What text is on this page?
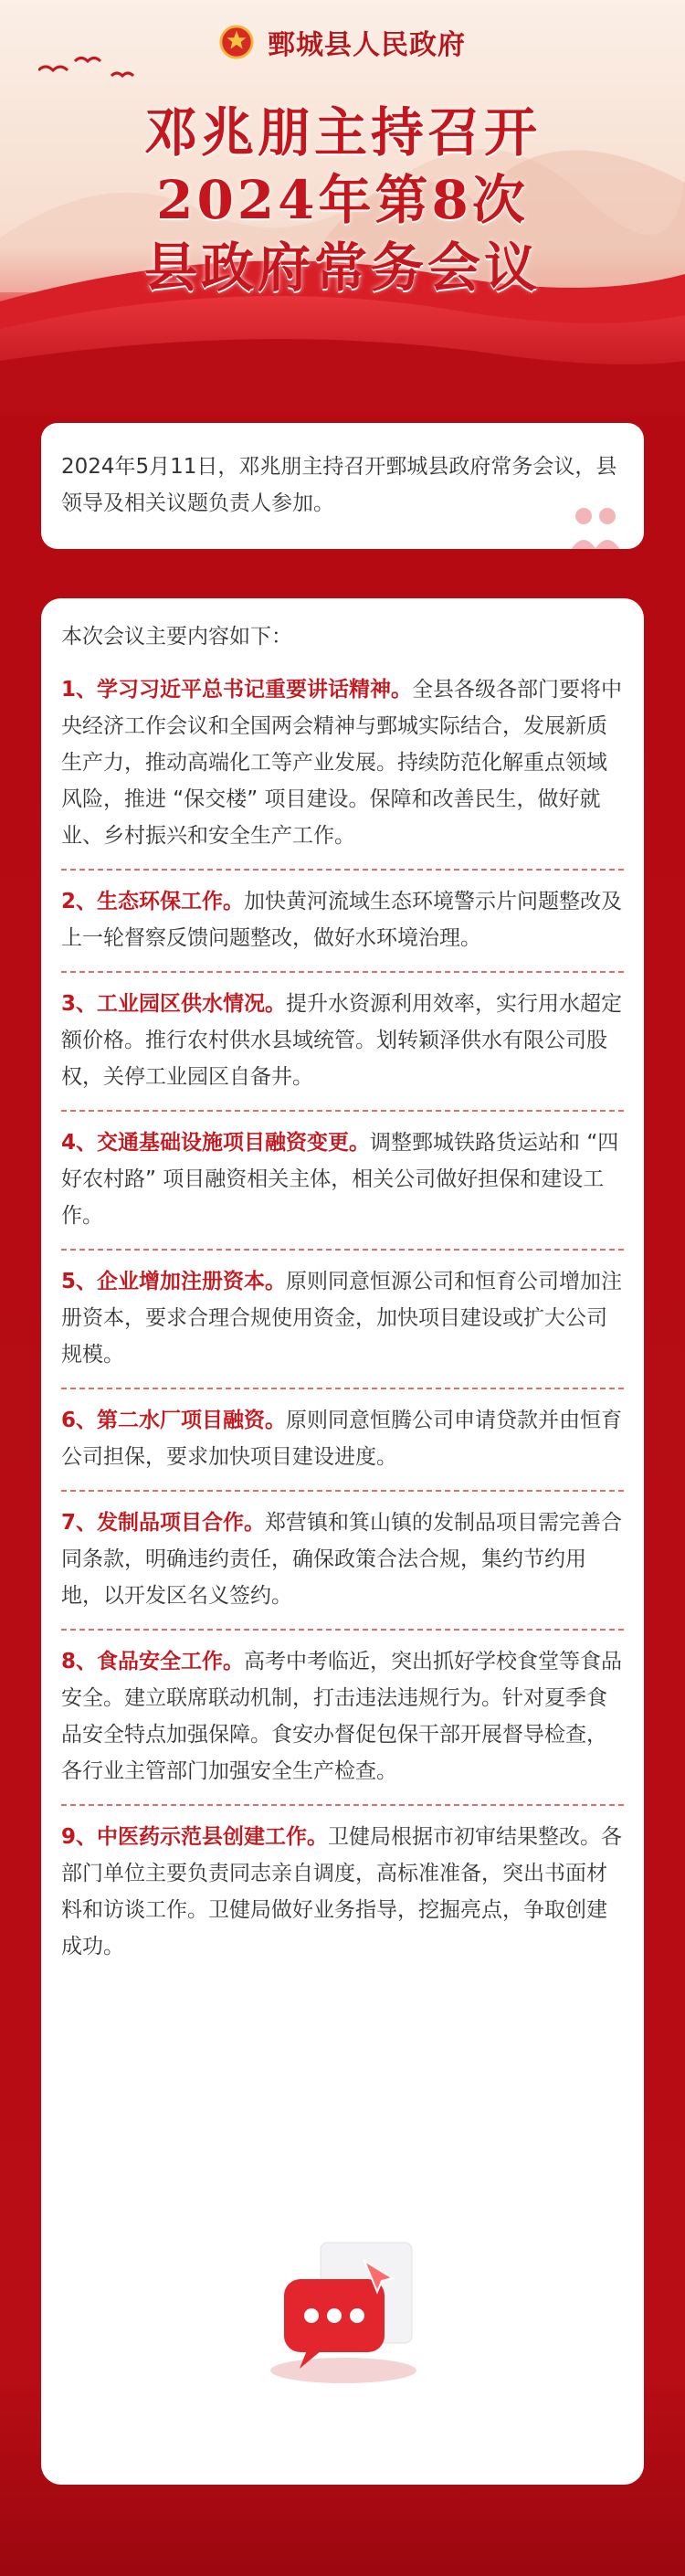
鄄城县人民政府
邓兆朋主持召开
2024年第8次
县政府常务会议

2024年5月11日，邓兆朋主持召开鄄城县政府常务会议，县领导及相关议题负责人参加。

本次会议主要内容如下：

1、学习习近平总书记重要讲话精神。全县各级各部门要将中央经济工作会议和全国两会精神与鄄城实际结合，发展新质生产力，推动高端化工等产业发展。持续防范化解重点领域风险，推进 “保交楼” 项目建设。保障和改善民生，做好就业、乡村振兴和安全生产工作。
2、生态环保工作。加快黄河流域生态环境警示片问题整改及上一轮督察反馈问题整改，做好水环境治理。
3、工业园区供水情况。提升水资源利用效率，实行用水超定额价格。推行农村供水县域统管。划转颖泽供水有限公司股权，关停工业园区自备井。
4、交通基础设施项目融资变更。调整鄄城铁路货运站和 “四好农村路” 项目融资相关主体，相关公司做好担保和建设工作。
5、企业增加注册资本。原则同意恒源公司和恒育公司增加注册资本，要求合理合规使用资金，加快项目建设或扩大公司规模。
6、第二水厂项目融资。原则同意恒腾公司申请贷款并由恒育公司担保，要求加快项目建设进度。
7、发制品项目合作。郑营镇和箕山镇的发制品项目需完善合同条款，明确违约责任，确保政策合法合规，集约节约用地，以开发区名义签约。
8、食品安全工作。高考中考临近，突出抓好学校食堂等食品安全。建立联席联动机制，打击违法违规行为。针对夏季食品安全特点加强保障。食安办督促包保干部开展督导检查，各行业主管部门加强安全生产检查。
9、中医药示范县创建工作。卫健局根据市初审结果整改。各部门单位主要负责同志亲自调度，高标准准备，突出书面材料和访谈工作。卫健局做好业务指导，挖掘亮点，争取创建成功。
